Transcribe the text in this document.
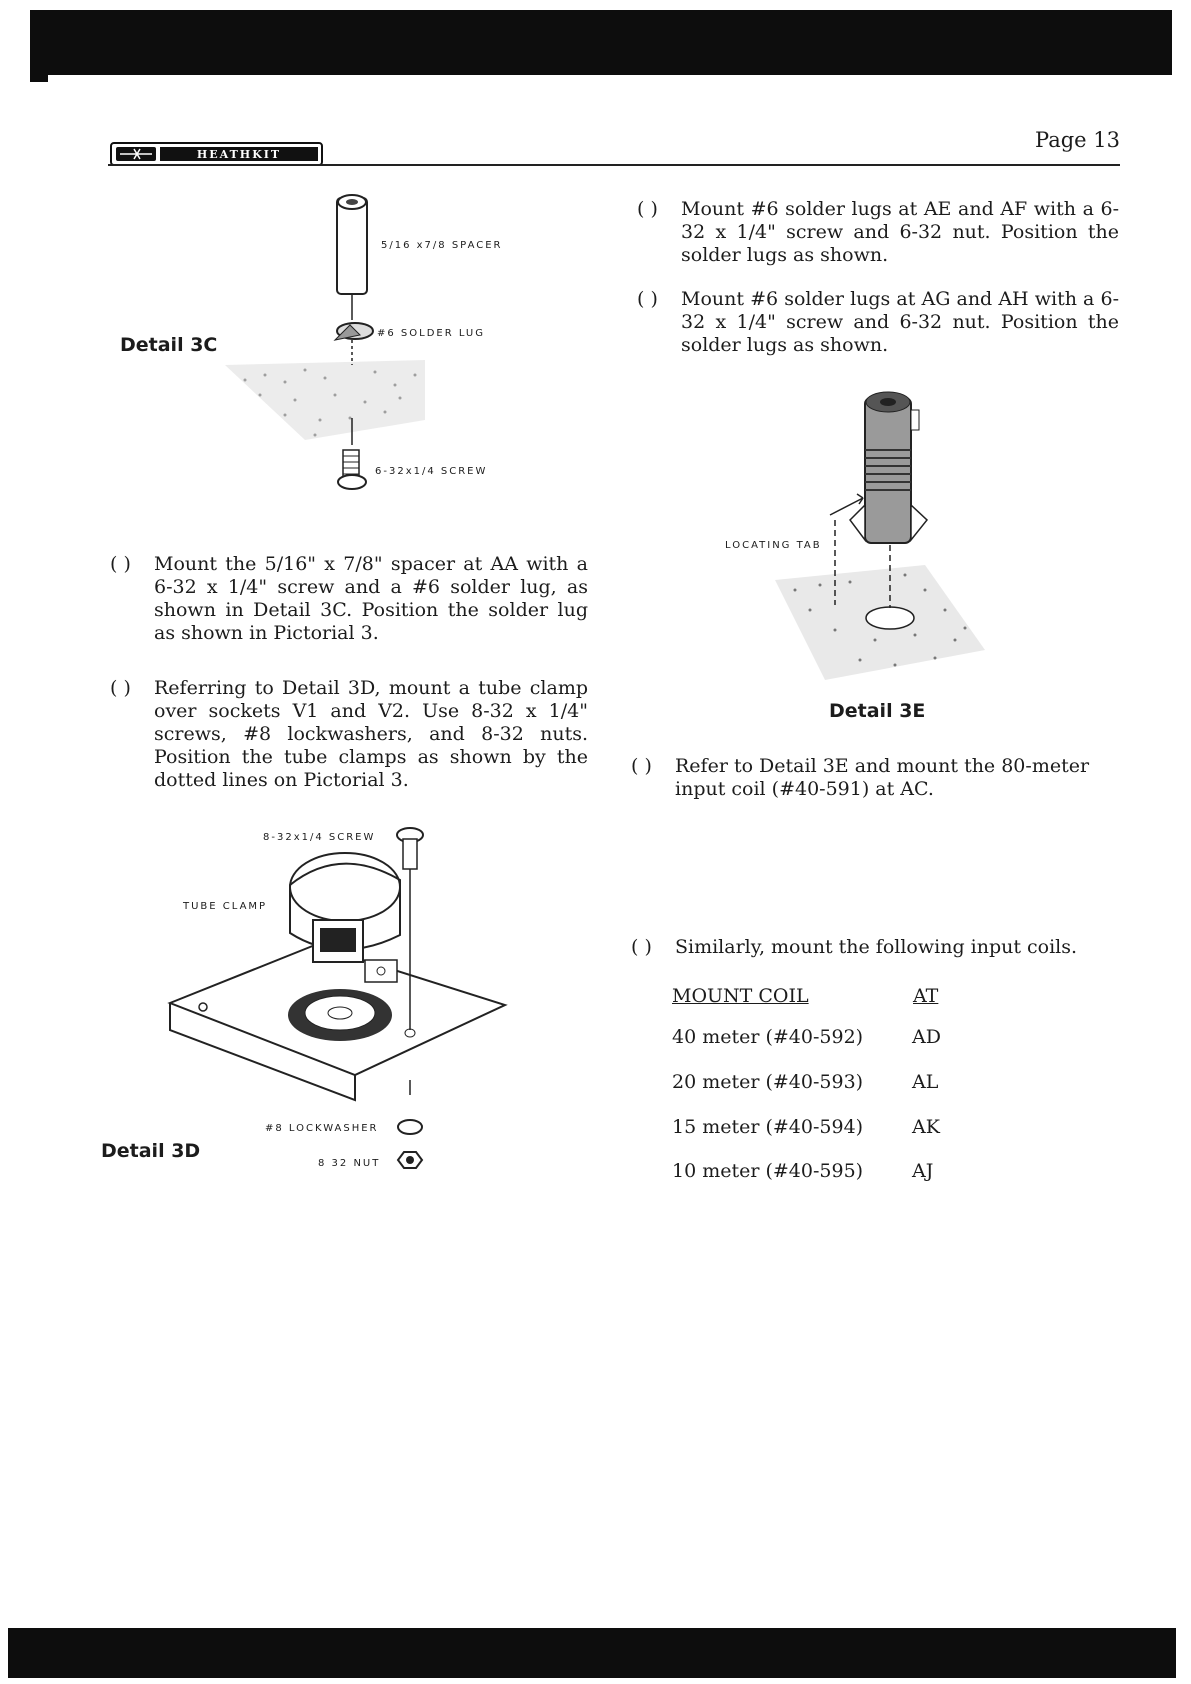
HEATHKIT
Page 13
Detail 3C
5/16 x7/8 SPACER
#6 SOLDER LUG
6-32x1/4 SCREW
( ) Mount the 5/16" x 7/8" spacer at AA with a 6-32 x 1/4" screw and a #6 solder lug, as shown in Detail 3C. Position the solder lug as shown in Pictorial 3.
( ) Referring to Detail 3D, mount a tube clamp over sockets V1 and V2. Use 8-32 x 1/4" screws, #8 lockwashers, and 8-32 nuts. Position the tube clamps as shown by the dotted lines on Pictorial 3.
8-32x1/4 SCREW
TUBE CLAMP
#8 LOCKWASHER
8 32 NUT
Detail 3D
( ) Mount #6 solder lugs at AE and AF with a 6-32 x 1/4" screw and 6-32 nut. Position the solder lugs as shown.
( ) Mount #6 solder lugs at AG and AH with a 6-32 x 1/4" screw and 6-32 nut. Position the solder lugs as shown.
LOCATING TAB
Detail 3E
( ) Refer to Detail 3E and mount the 80-meter input coil (#40-591) at AC.
( ) Similarly, mount the following input coils.
MOUNT COIL	AT
40 meter (#40-592)	AD
20 meter (#40-593)	AL
15 meter (#40-594)	AK
10 meter (#40-595)	AJ
